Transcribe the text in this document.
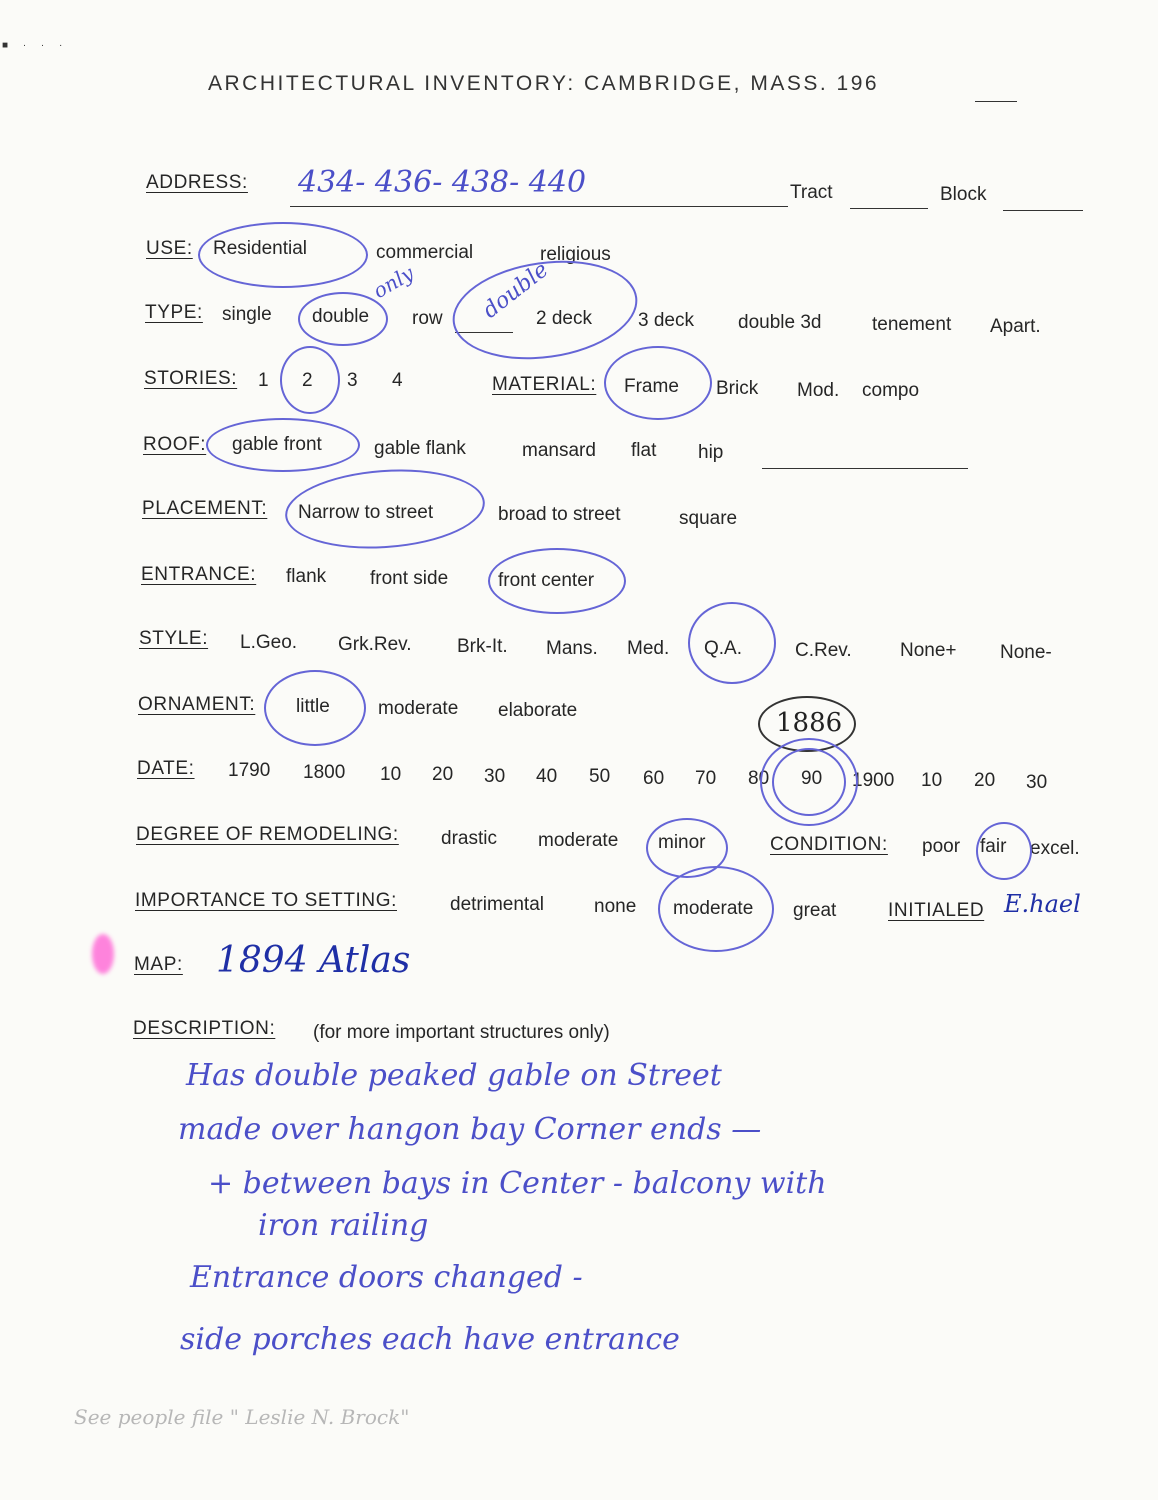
■ · · ·
ARCHITECTURAL INVENTORY: CAMBRIDGE, MASS. 196
ADDRESS: 434- 436- 438- 440	Tract	Block
USE: Residential	commercial	religious
TYPE: single double row	2 deck 3 deck double 3d	tenement Apart.
only	double
STORIES: 1 2 3 4	MATERIAL: Frame Brick Mod. compo
ROOF: gable front	gable flank	mansard flat hip
PLACEMENT: Narrow to street	broad to street	square
ENTRANCE: flank front side	front center
STYLE: L.Geo. Grk.Rev. Brk-It. Mans. Med. Q.A.	C.Rev.	None+ None-
ORNAMENT: little	moderate elaborate
DATE: 1790 1800 10 20 30 40 50 60 70 80 90 1900 10 20 30
1886
DEGREE OF REMODELING: drastic moderate minor	CONDITION: poor fair excel.
IMPORTANCE TO SETTING:	detrimental	none moderate great	INITIALED E.hael
MAP: 1894 Atlas
DESCRIPTION: (for more important structures only)
Has double peaked gable on Street
made over hangon bay Corner ends —
+ between bays in Center - balcony with
iron railing
Entrance doors changed -
side porches each have entrance
See people file " Leslie N. Brock"
